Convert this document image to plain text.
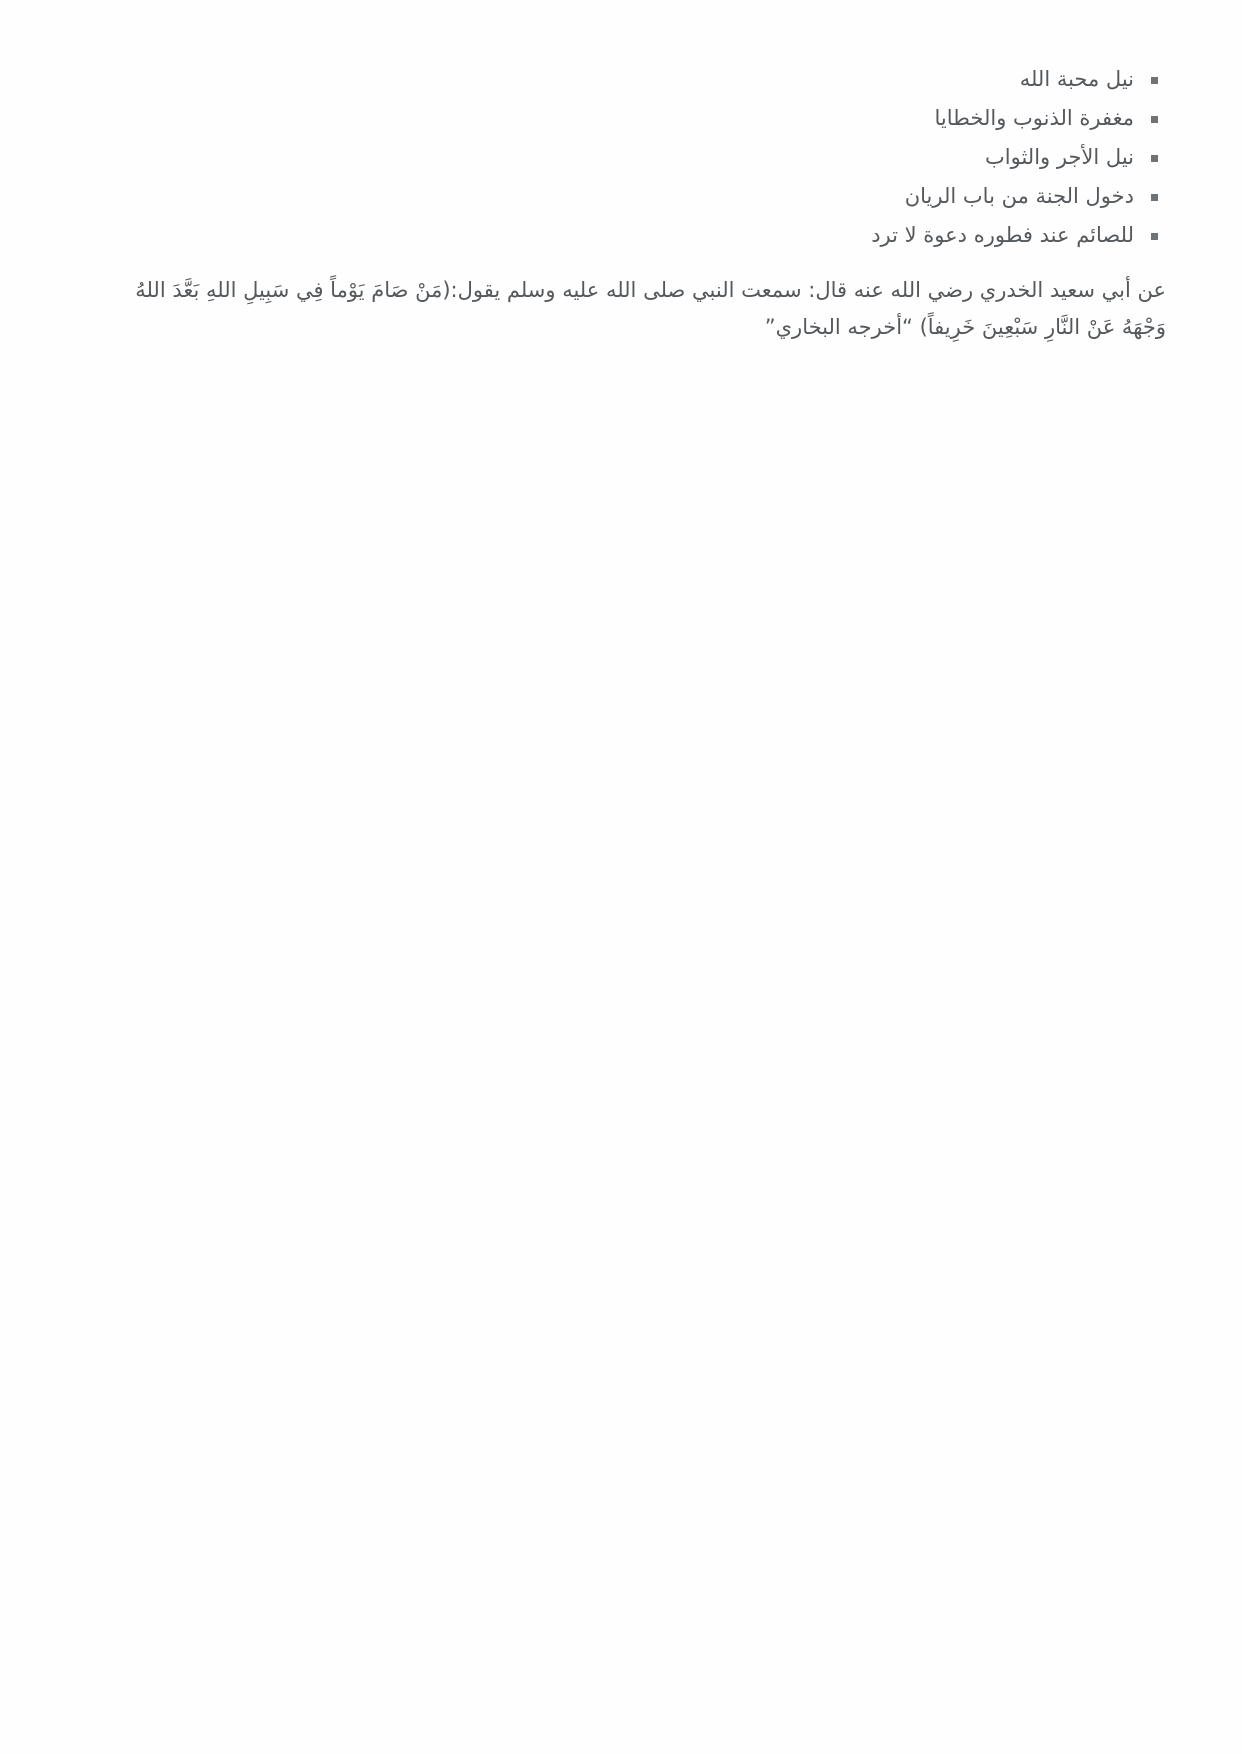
نيل محبة الله
مغفرة الذنوب والخطايا
نيل الأجر والثواب
دخول الجنة من باب الريان
للصائم عند فطوره دعوة لا ترد

عن أبي سعيد الخدري رضي الله عنه قال: سمعت النبي صلى الله عليه وسلم يقول:(مَنْ صَامَ يَوْماً فِي سَبِيلِ اللهِ بَعَّدَ اللهُ وَجْهَهُ عَنْ النَّارِ سَبْعِينَ خَرِيفاً) “أخرجه البخاري”
